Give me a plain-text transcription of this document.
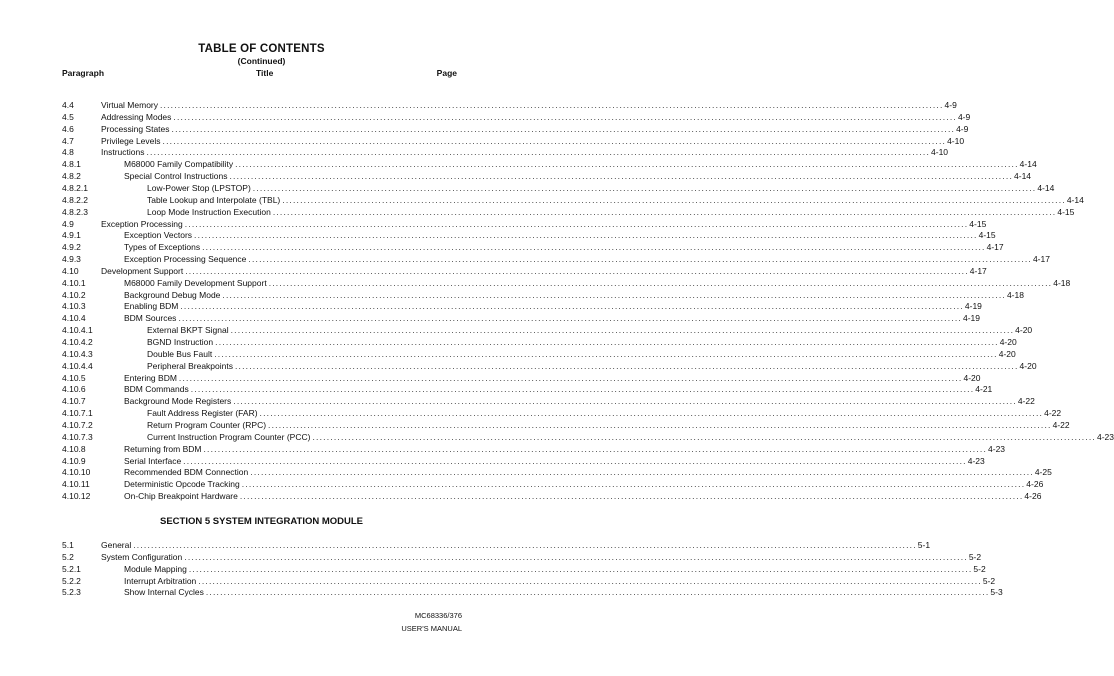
TABLE OF CONTENTS
(Continued)
Paragraph	Title	Page
4.4	Virtual Memory ............................................................................................................................................................................................................................ 4-9
4.5	Addressing Modes ............................................................................................................................................................................................................................ 4-9
4.6	Processing States ............................................................................................................................................................................................................................ 4-9
4.7	Privilege Levels ............................................................................................................................................................................................................................ 4-10
4.8	Instructions ............................................................................................................................................................................................................................ 4-10
4.8.1	M68000 Family Compatibility ............................................................................................................................................................................................................................ 4-14
4.8.2	Special Control Instructions ............................................................................................................................................................................................................................ 4-14
4.8.2.1	Low-Power Stop (LPSTOP) ............................................................................................................................................................................................................................ 4-14
4.8.2.2	Table Lookup and Interpolate (TBL) ............................................................................................................................................................................................................................ 4-14
4.8.2.3	Loop Mode Instruction Execution ............................................................................................................................................................................................................................ 4-15
4.9	Exception Processing ............................................................................................................................................................................................................................ 4-15
4.9.1	Exception Vectors ............................................................................................................................................................................................................................ 4-15
4.9.2	Types of Exceptions ............................................................................................................................................................................................................................ 4-17
4.9.3	Exception Processing Sequence ............................................................................................................................................................................................................................ 4-17
4.10	Development Support ............................................................................................................................................................................................................................ 4-17
4.10.1	M68000 Family Development Support ............................................................................................................................................................................................................................ 4-18
4.10.2	Background Debug Mode ............................................................................................................................................................................................................................ 4-18
4.10.3	Enabling BDM ............................................................................................................................................................................................................................ 4-19
4.10.4	BDM Sources ............................................................................................................................................................................................................................ 4-19
4.10.4.1	External BKPT Signal ............................................................................................................................................................................................................................ 4-20
4.10.4.2	BGND Instruction ............................................................................................................................................................................................................................ 4-20
4.10.4.3	Double Bus Fault ............................................................................................................................................................................................................................ 4-20
4.10.4.4	Peripheral Breakpoints ............................................................................................................................................................................................................................ 4-20
4.10.5	Entering BDM ............................................................................................................................................................................................................................ 4-20
4.10.6	BDM Commands ............................................................................................................................................................................................................................ 4-21
4.10.7	Background Mode Registers ............................................................................................................................................................................................................................ 4-22
4.10.7.1	Fault Address Register (FAR) ............................................................................................................................................................................................................................ 4-22
4.10.7.2	Return Program Counter (RPC) ............................................................................................................................................................................................................................ 4-22
4.10.7.3	Current Instruction Program Counter (PCC) ............................................................................................................................................................................................................................ 4-23
4.10.8	Returning from BDM ............................................................................................................................................................................................................................ 4-23
4.10.9	Serial Interface ............................................................................................................................................................................................................................ 4-23
4.10.10	Recommended BDM Connection ............................................................................................................................................................................................................................ 4-25
4.10.11	Deterministic Opcode Tracking ............................................................................................................................................................................................................................ 4-26
4.10.12	On-Chip Breakpoint Hardware ............................................................................................................................................................................................................................ 4-26
SECTION 5 SYSTEM INTEGRATION MODULE
5.1	General ............................................................................................................................................................................................................................ 5-1
5.2	System Configuration ............................................................................................................................................................................................................................ 5-2
5.2.1	Module Mapping ............................................................................................................................................................................................................................ 5-2
5.2.2	Interrupt Arbitration ............................................................................................................................................................................................................................ 5-2
5.2.3	Show Internal Cycles ............................................................................................................................................................................................................................ 5-3
MC68336/376
USER'S MANUAL
